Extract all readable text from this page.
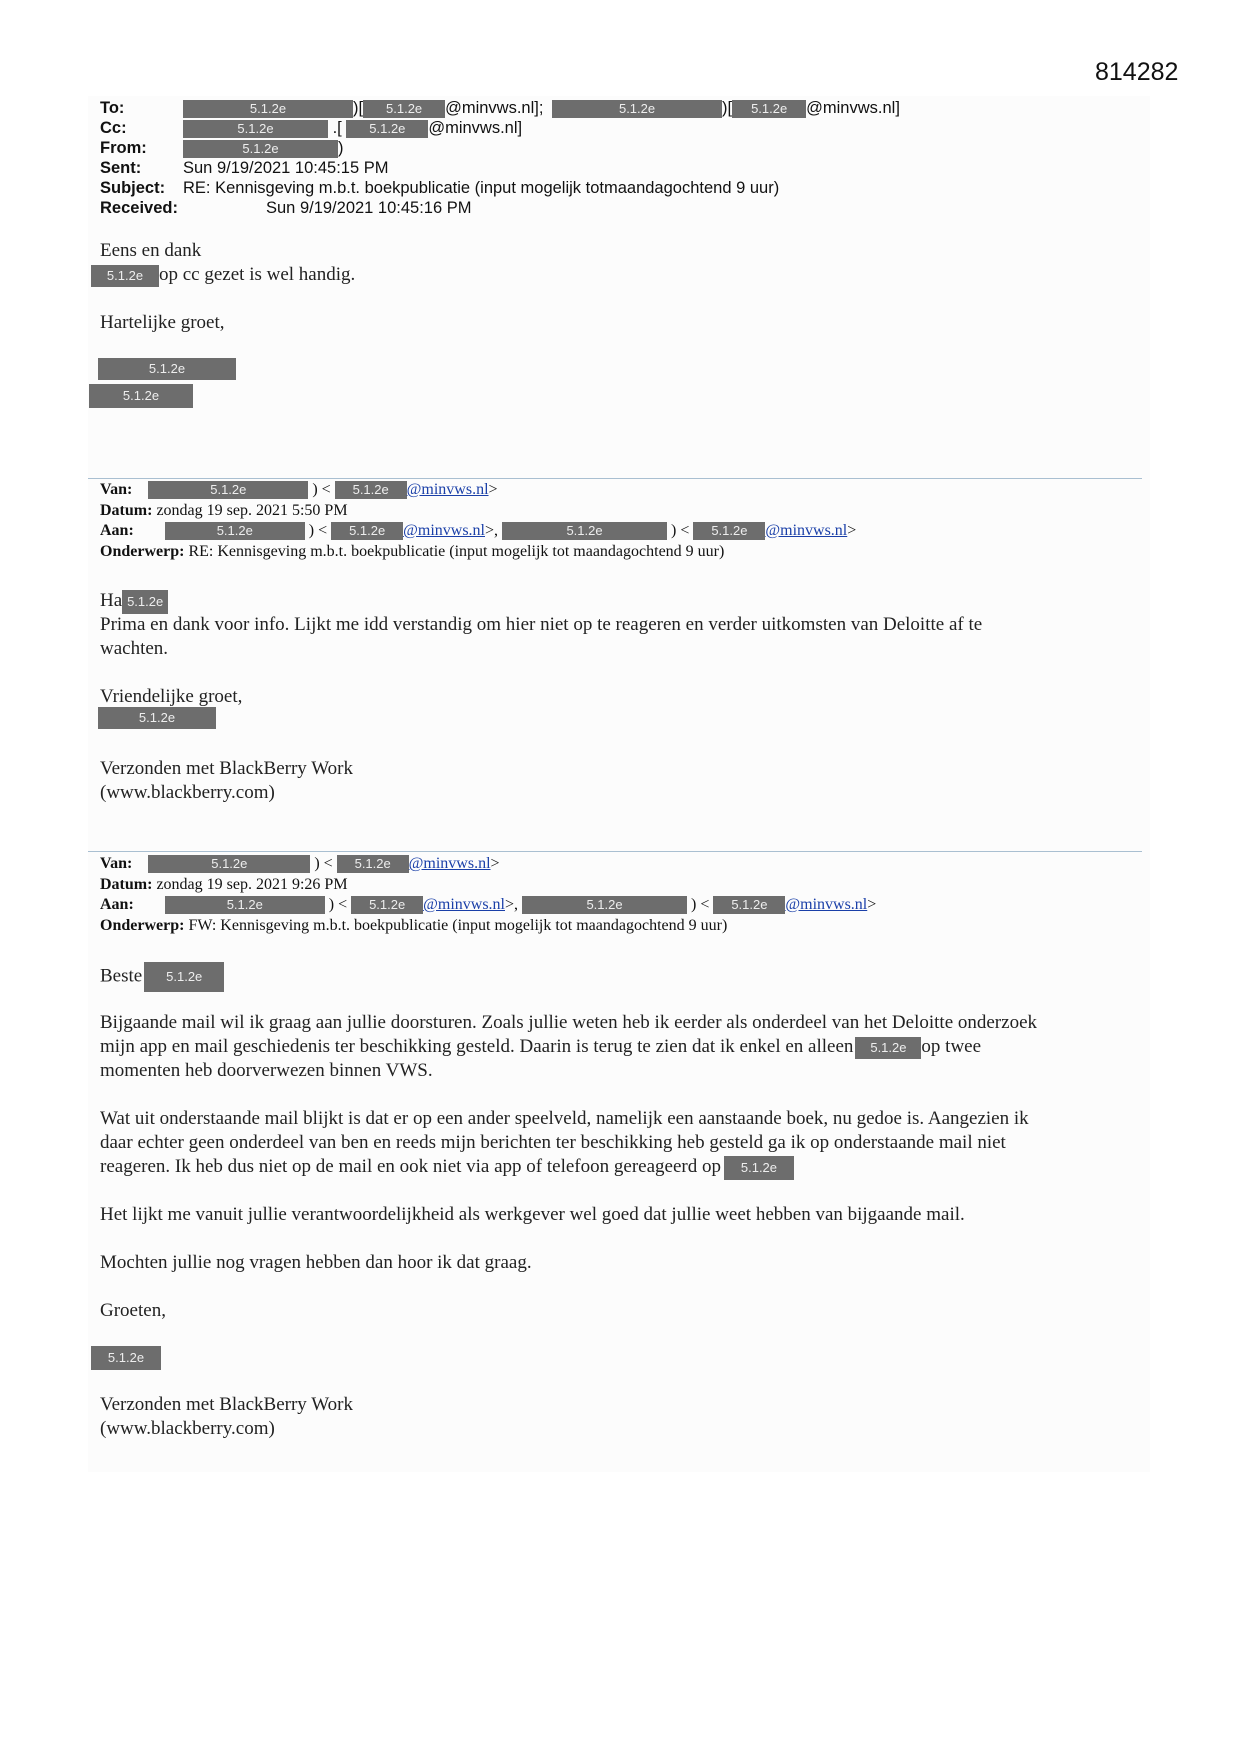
814282
To:	5.1.2e	)[ 5.1.2e @minvws.nl];	5.1.2e	)[ 5.1.2e @minvws.nl]
Cc:	5.1.2e	.[ 5.1.2e @minvws.nl]
From:	5.1.2e	)
Sent:	Sun 9/19/2021 10:45:15 PM
Subject: RE: Kennisgeving m.b.t. boekpublicatie (input mogelijk totmaandagochtend 9 uur)
Received:	Sun 9/19/2021 10:45:16 PM
Eens en dank
5.1.2e op cc gezet is wel handig.
Hartelijke groet,
5.1.2e
5.1.2e
Van:	5.1.2e	) < 5.1.2e @minvws.nl>
Datum: zondag 19 sep. 2021 5:50 PM
Aan:	5.1.2e	) < 5.1.2e @minvws.nl>,	5.1.2e	) < 5.1.2e @minvws.nl>
Onderwerp: RE: Kennisgeving m.b.t. boekpublicatie (input mogelijk tot maandagochtend 9 uur)
Ha 5.1.2e
Prima en dank voor info. Lijkt me idd verstandig om hier niet op te reageren en verder uitkomsten van Deloitte af te
wachten.
Vriendelijke groet,
5.1.2e
Verzonden met BlackBerry Work
(www.blackberry.com)
Van:	5.1.2e	) < 5.1.2e @minvws.nl>
Datum: zondag 19 sep. 2021 9:26 PM
Aan:	5.1.2e	) < 5.1.2e @minvws.nl>,	5.1.2e	) < 5.1.2e @minvws.nl>
Onderwerp: FW: Kennisgeving m.b.t. boekpublicatie (input mogelijk tot maandagochtend 9 uur)
Beste 5.1.2e
Bijgaande mail wil ik graag aan jullie doorsturen. Zoals jullie weten heb ik eerder als onderdeel van het Deloitte onderzoek
mijn app en mail geschiedenis ter beschikking gesteld. Daarin is terug te zien dat ik enkel en alleen 5.1.2e op twee
momenten heb doorverwezen binnen VWS.
Wat uit onderstaande mail blijkt is dat er op een ander speelveld, namelijk een aanstaande boek, nu gedoe is. Aangezien ik
daar echter geen onderdeel van ben en reeds mijn berichten ter beschikking heb gesteld ga ik op onderstaande mail niet
reageren. Ik heb dus niet op de mail en ook niet via app of telefoon gereageerd op 5.1.2e
Het lijkt me vanuit jullie verantwoordelijkheid als werkgever wel goed dat jullie weet hebben van bijgaande mail.
Mochten jullie nog vragen hebben dan hoor ik dat graag.
Groeten,
5.1.2e
Verzonden met BlackBerry Work
(www.blackberry.com)
